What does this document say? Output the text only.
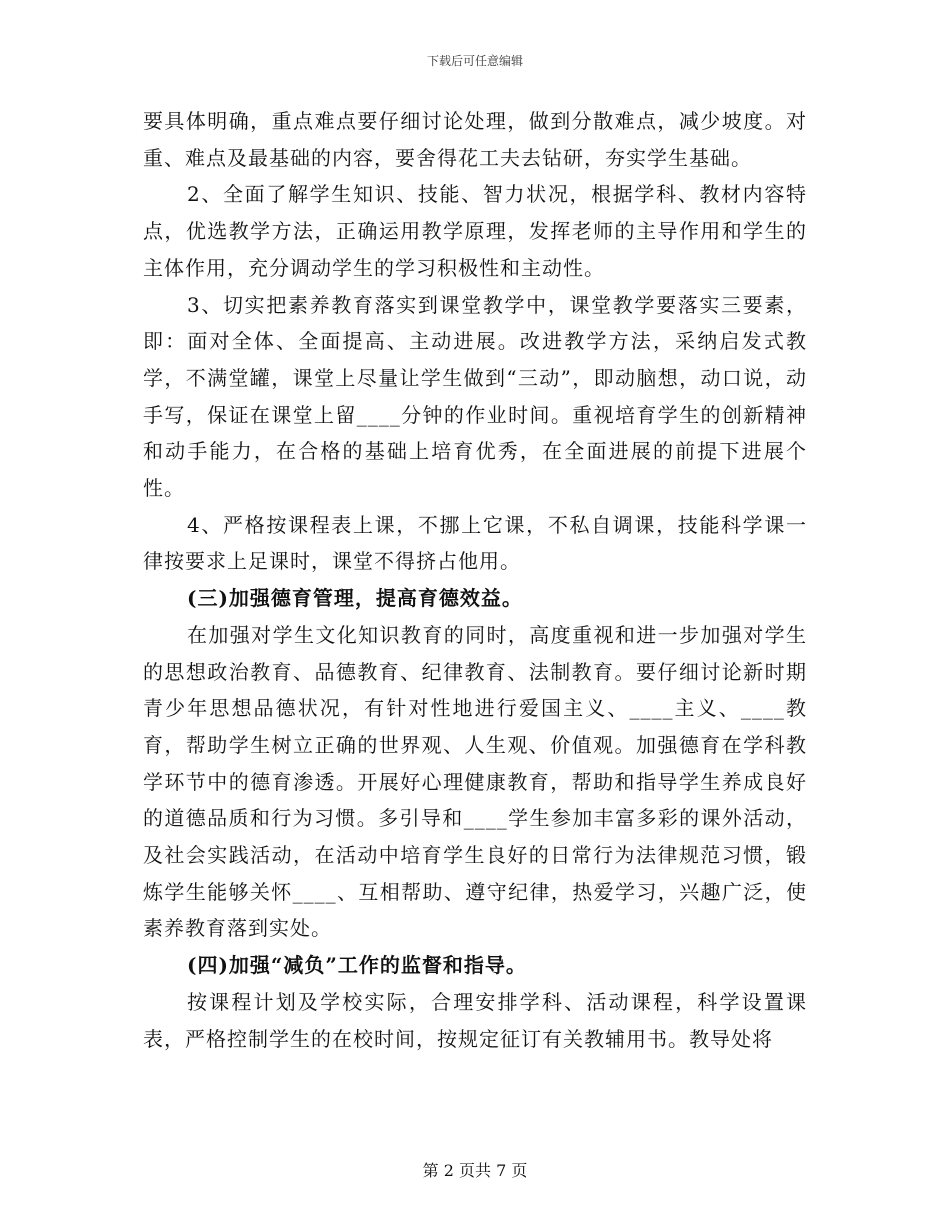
下载后可任意编辑

要具体明确，重点难点要仔细讨论处理，做到分散难点，减少坡度。对重、难点及最基础的内容，要舍得花工夫去钻研，夯实学生基础。

2、全面了解学生知识、技能、智力状况，根据学科、教材内容特点，优选教学方法，正确运用教学原理，发挥老师的主导作用和学生的主体作用，充分调动学生的学习积极性和主动性。

3、切实把素养教育落实到课堂教学中，课堂教学要落实三要素，即：面对全体、全面提高、主动进展。改进教学方法，采纳启发式教学，不满堂罐，课堂上尽量让学生做到“三动”，即动脑想，动口说，动手写，保证在课堂上留____分钟的作业时间。重视培育学生的创新精神和动手能力，在合格的基础上培育优秀，在全面进展的前提下进展个性。

4、严格按课程表上课，不挪上它课，不私自调课，技能科学课一律按要求上足课时，课堂不得挤占他用。

(三)加强德育管理，提高育德效益。

在加强对学生文化知识教育的同时，高度重视和进一步加强对学生的思想政治教育、品德教育、纪律教育、法制教育。要仔细讨论新时期青少年思想品德状况，有针对性地进行爱国主义、____主义、____教育，帮助学生树立正确的世界观、人生观、价值观。加强德育在学科教学环节中的德育渗透。开展好心理健康教育，帮助和指导学生养成良好的道德品质和行为习惯。多引导和____学生参加丰富多彩的课外活动，及社会实践活动，在活动中培育学生良好的日常行为法律规范习惯，锻炼学生能够关怀____、互相帮助、遵守纪律，热爱学习，兴趣广泛，使素养教育落到实处。

(四)加强“减负”工作的监督和指导。

按课程计划及学校实际，合理安排学科、活动课程，科学设置课表，严格控制学生的在校时间，按规定征订有关教辅用书。教导处将

第 2 页共 7 页
